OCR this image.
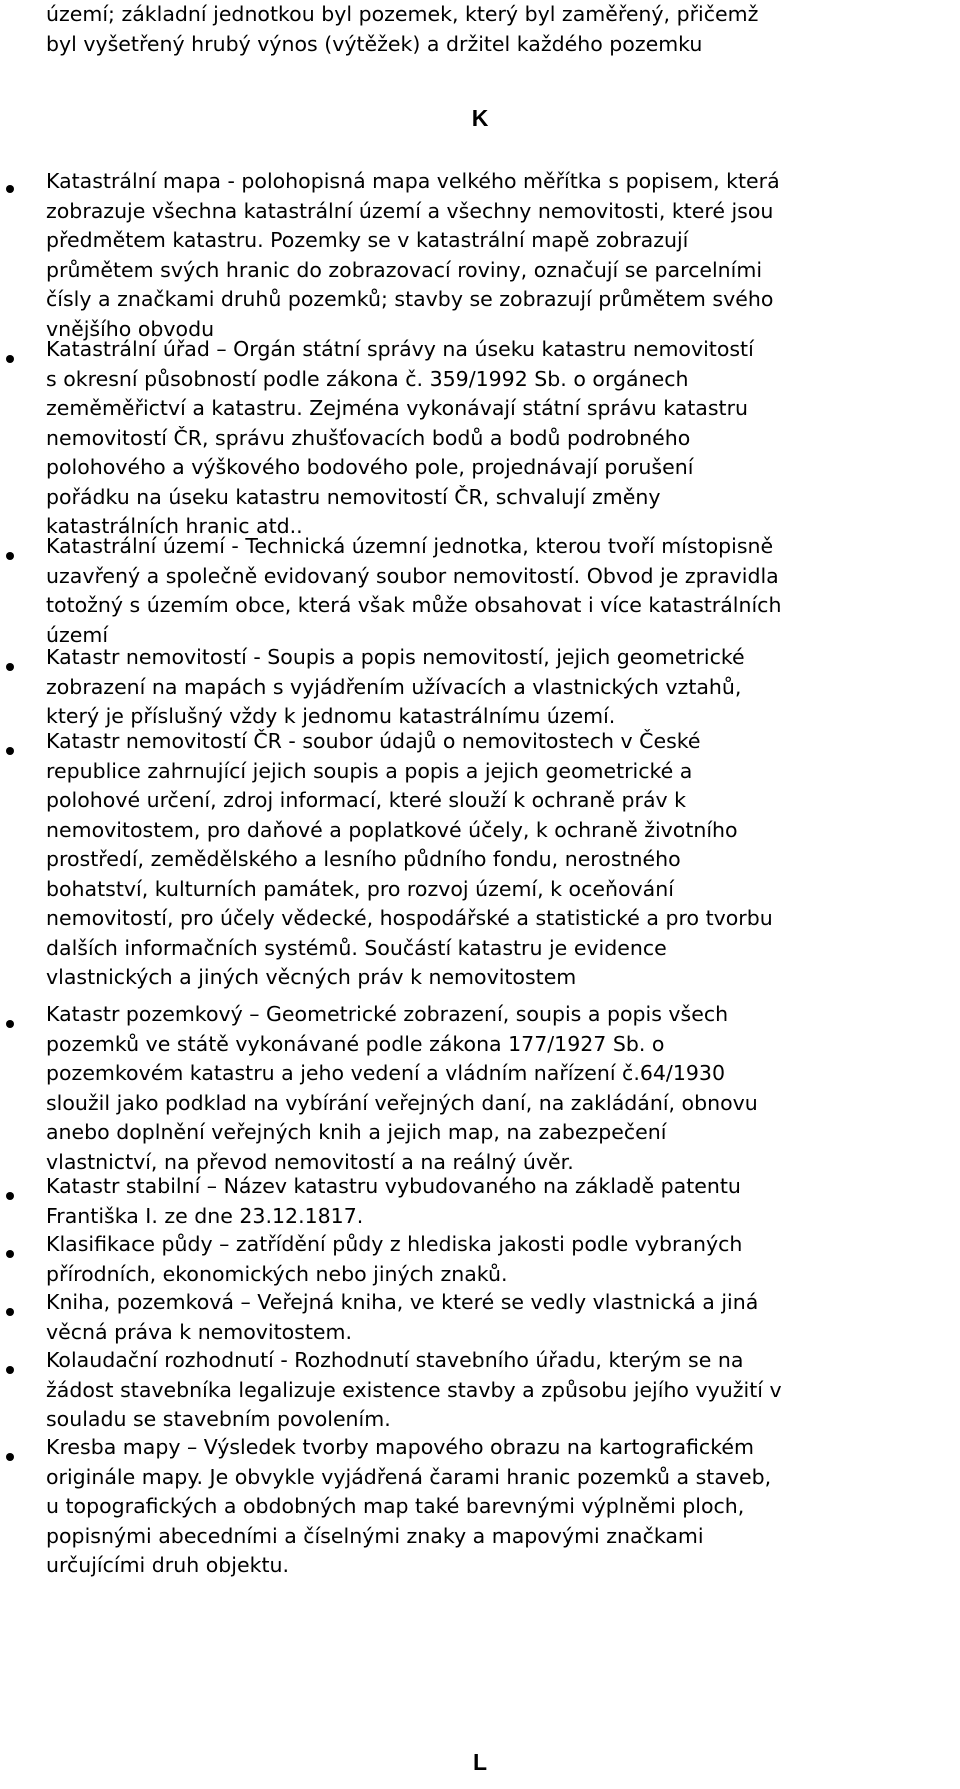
území; základní jednotkou byl pozemek, který byl zaměřený, přičemž
byl vyšetřený hrubý výnos (výtěžek) a držitel každého pozemku

K

Katastrální mapa - polohopisná mapa velkého měřítka s popisem, která
zobrazuje všechna katastrální území a všechny nemovitosti, které jsou
předmětem katastru. Pozemky se v katastrální mapě zobrazují
průmětem svých hranic do zobrazovací roviny, označují se parcelními
čísly a značkami druhů pozemků; stavby se zobrazují průmětem svého
vnějšího obvodu

Katastrální úřad – Orgán státní správy na úseku katastru nemovitostí
s okresní působností podle zákona č. 359/1992 Sb. o orgánech
zeměměřictví a katastru. Zejména vykonávají státní správu katastru
nemovitostí ČR, správu zhušťovacích bodů a bodů podrobného
polohového a výškového bodového pole, projednávají porušení
pořádku na úseku katastru nemovitostí ČR, schvalují změny
katastrálních hranic atd..

Katastrální území - Technická územní jednotka, kterou tvoří místopisně
uzavřený a společně evidovaný soubor nemovitostí. Obvod je zpravidla
totožný s územím obce, která však může obsahovat i více katastrálních
území

Katastr nemovitostí - Soupis a popis nemovitostí, jejich geometrické
zobrazení na mapách s vyjádřením užívacích a vlastnických vztahů,
který je příslušný vždy k jednomu katastrálnímu území.

Katastr nemovitostí ČR - soubor údajů o nemovitostech v České
republice zahrnující jejich soupis a popis a jejich geometrické a
polohové určení, zdroj informací, které slouží k ochraně práv k
nemovitostem, pro daňové a poplatkové účely, k ochraně životního
prostředí, zemědělského a lesního půdního fondu, nerostného
bohatství, kulturních památek, pro rozvoj území, k oceňování
nemovitostí, pro účely vědecké, hospodářské a statistické a pro tvorbu
dalších informačních systémů. Součástí katastru je evidence
vlastnických a jiných věcných práv k nemovitostem

Katastr pozemkový – Geometrické zobrazení, soupis a popis všech
pozemků ve státě vykonávané podle zákona 177/1927 Sb. o
pozemkovém katastru a jeho vedení a vládním nařízení č.64/1930
sloužil jako podklad na vybírání veřejných daní, na zakládání, obnovu
anebo doplnění veřejných knih a jejich map, na zabezpečení
vlastnictví, na převod nemovitostí a na reálný úvěr.

Katastr stabilní – Název katastru vybudovaného na základě patentu
Františka I. ze dne 23.12.1817.

Klasifikace půdy – zatřídění půdy z hlediska jakosti podle vybraných
přírodních, ekonomických nebo jiných znaků.

Kniha, pozemková – Veřejná kniha, ve které se vedly vlastnická a jiná
věcná práva k nemovitostem.

Kolaudační rozhodnutí - Rozhodnutí stavebního úřadu, kterým se na
žádost stavebníka legalizuje existence stavby a způsobu jejího využití v
souladu se stavebním povolením.

Kresba mapy – Výsledek tvorby mapového obrazu na kartografickém
originále mapy. Je obvykle vyjádřená čarami hranic pozemků a staveb,
u topografických a obdobných map také barevnými výplněmi ploch,
popisnými abecedními a číselnými znaky a mapovými značkami
určujícími druh objektu.

L
